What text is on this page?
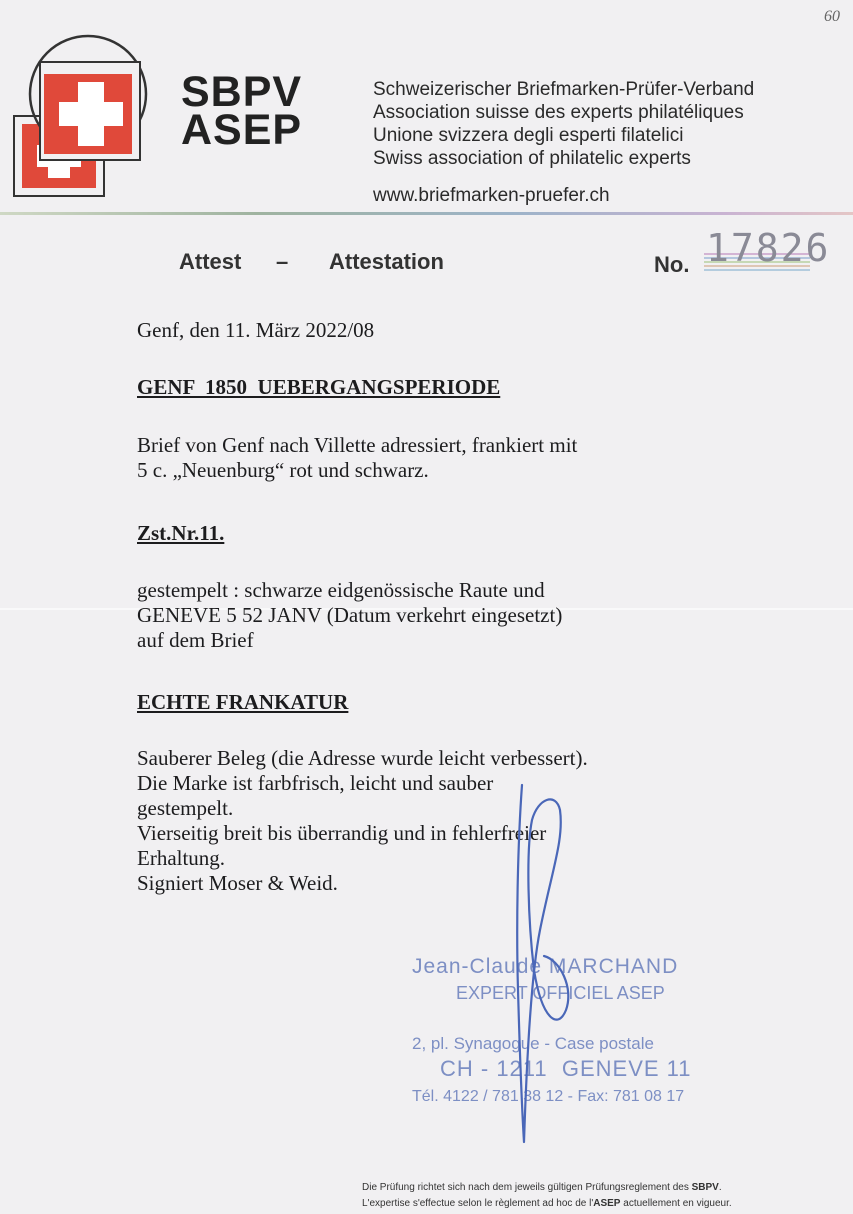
60
SBPV
ASEP
Schweizerischer Briefmarken-Prüfer-Verband
Association suisse des experts philatéliques
Unione svizzera degli esperti filatelici
Swiss association of philatelic experts
www.briefmarken-pruefer.ch
Attest – Attestation	No. 17826
Genf, den 11. März 2022/08
GENF  1850  UEBERGANGSPERIODE
Brief von Genf nach Villette adressiert, frankiert mit
5 c. „Neuenburg“ rot und schwarz.
Zst.Nr.11.
gestempelt : schwarze eidgenössische Raute und
GENEVE 5 52 JANV (Datum verkehrt eingesetzt)
auf dem Brief
ECHTE FRANKATUR
Sauberer Beleg (die Adresse wurde leicht verbessert).
Die Marke ist farbfrisch, leicht und sauber
gestempelt.
Vierseitig breit bis überrandig und in fehlerfreier
Erhaltung.
Signiert Moser & Weid.
Jean-Claude MARCHAND
EXPERT OFFICIEL ASEP
2, pl. Synagogue - Case postale
CH - 1211  GENEVE 11
Tél. 4122 / 781 38 12 - Fax: 781 08 17
Die Prüfung richtet sich nach dem jeweils gültigen Prüfungsreglement des SBPV.
L'expertise s'effectue selon le règlement ad hoc de l'ASEP actuellement en vigueur.
